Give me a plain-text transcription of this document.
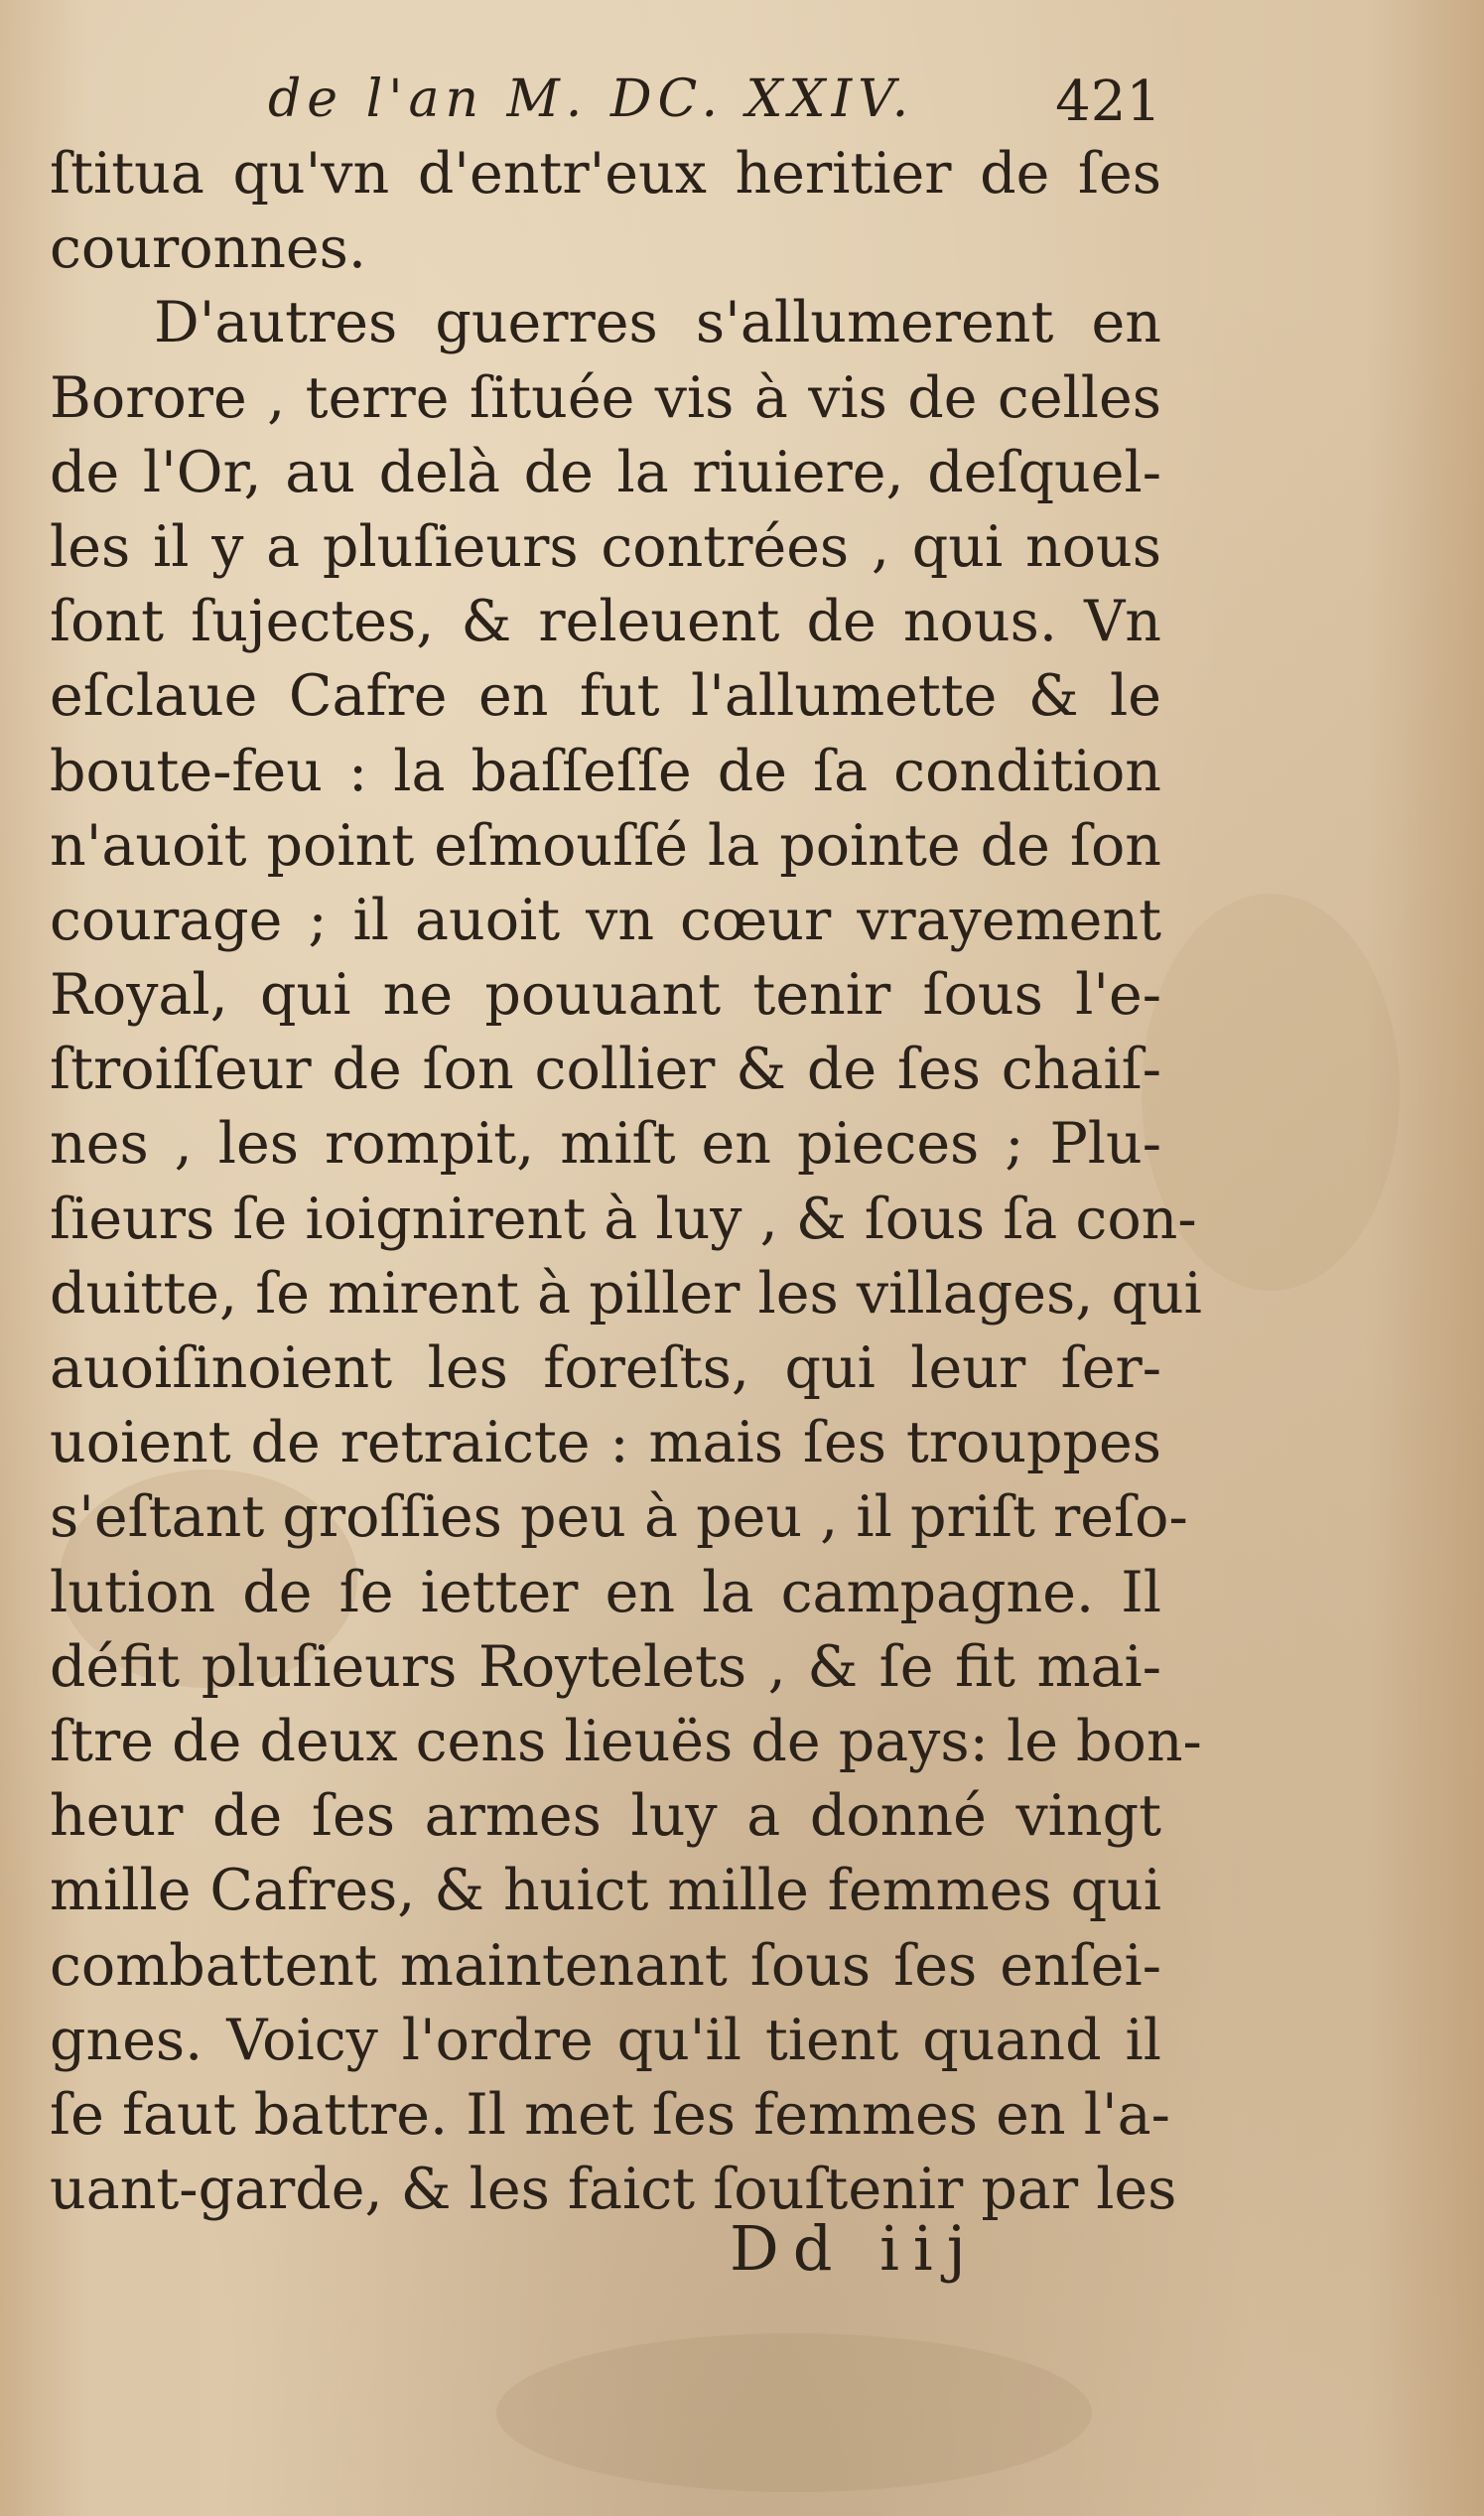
de l'an M. DC. XXIV.	421
ſtitua qu'vn d'entr'eux heritier de ſes
couronnes.
D'autres guerres s'allumerent en
Borore , terre ſituée vis à vis de celles
de l'Or, au delà de la riuiere, deſquel-
les il y a pluſieurs contrées , qui nous
ſont ſujectes, & releuent de nous. Vn
eſclaue Cafre en fut l'allumette & le
boute-feu : la baſſeſſe de ſa condition
n'auoit point eſmouſſé la pointe de ſon
courage ; il auoit vn cœur vrayement
Royal, qui ne pouuant tenir ſous l'e-
ſtroiſſeur de ſon collier & de ſes chaiſ-
nes , les rompit, miſt en pieces ; Plu-
ſieurs ſe ioignirent à luy , & ſous ſa con-
duitte, ſe mirent à piller les villages, qui
auoiſinoient les foreſts, qui leur ſer-
uoient de retraicte : mais ſes trouppes
s'eſtant groſſies peu à peu , il priſt reſo-
lution de ſe ietter en la campagne. Il
défit pluſieurs Roytelets , & ſe fit mai-
ſtre de deux cens lieuës de pays: le bon-
heur de ſes armes luy a donné vingt
mille Cafres, & huict mille femmes qui
combattent maintenant ſous ſes enſei-
gnes. Voicy l'ordre qu'il tient quand il
ſe faut battre. Il met ſes femmes en l'a-
uant-garde, & les faict ſouſtenir par les
Dd iij
